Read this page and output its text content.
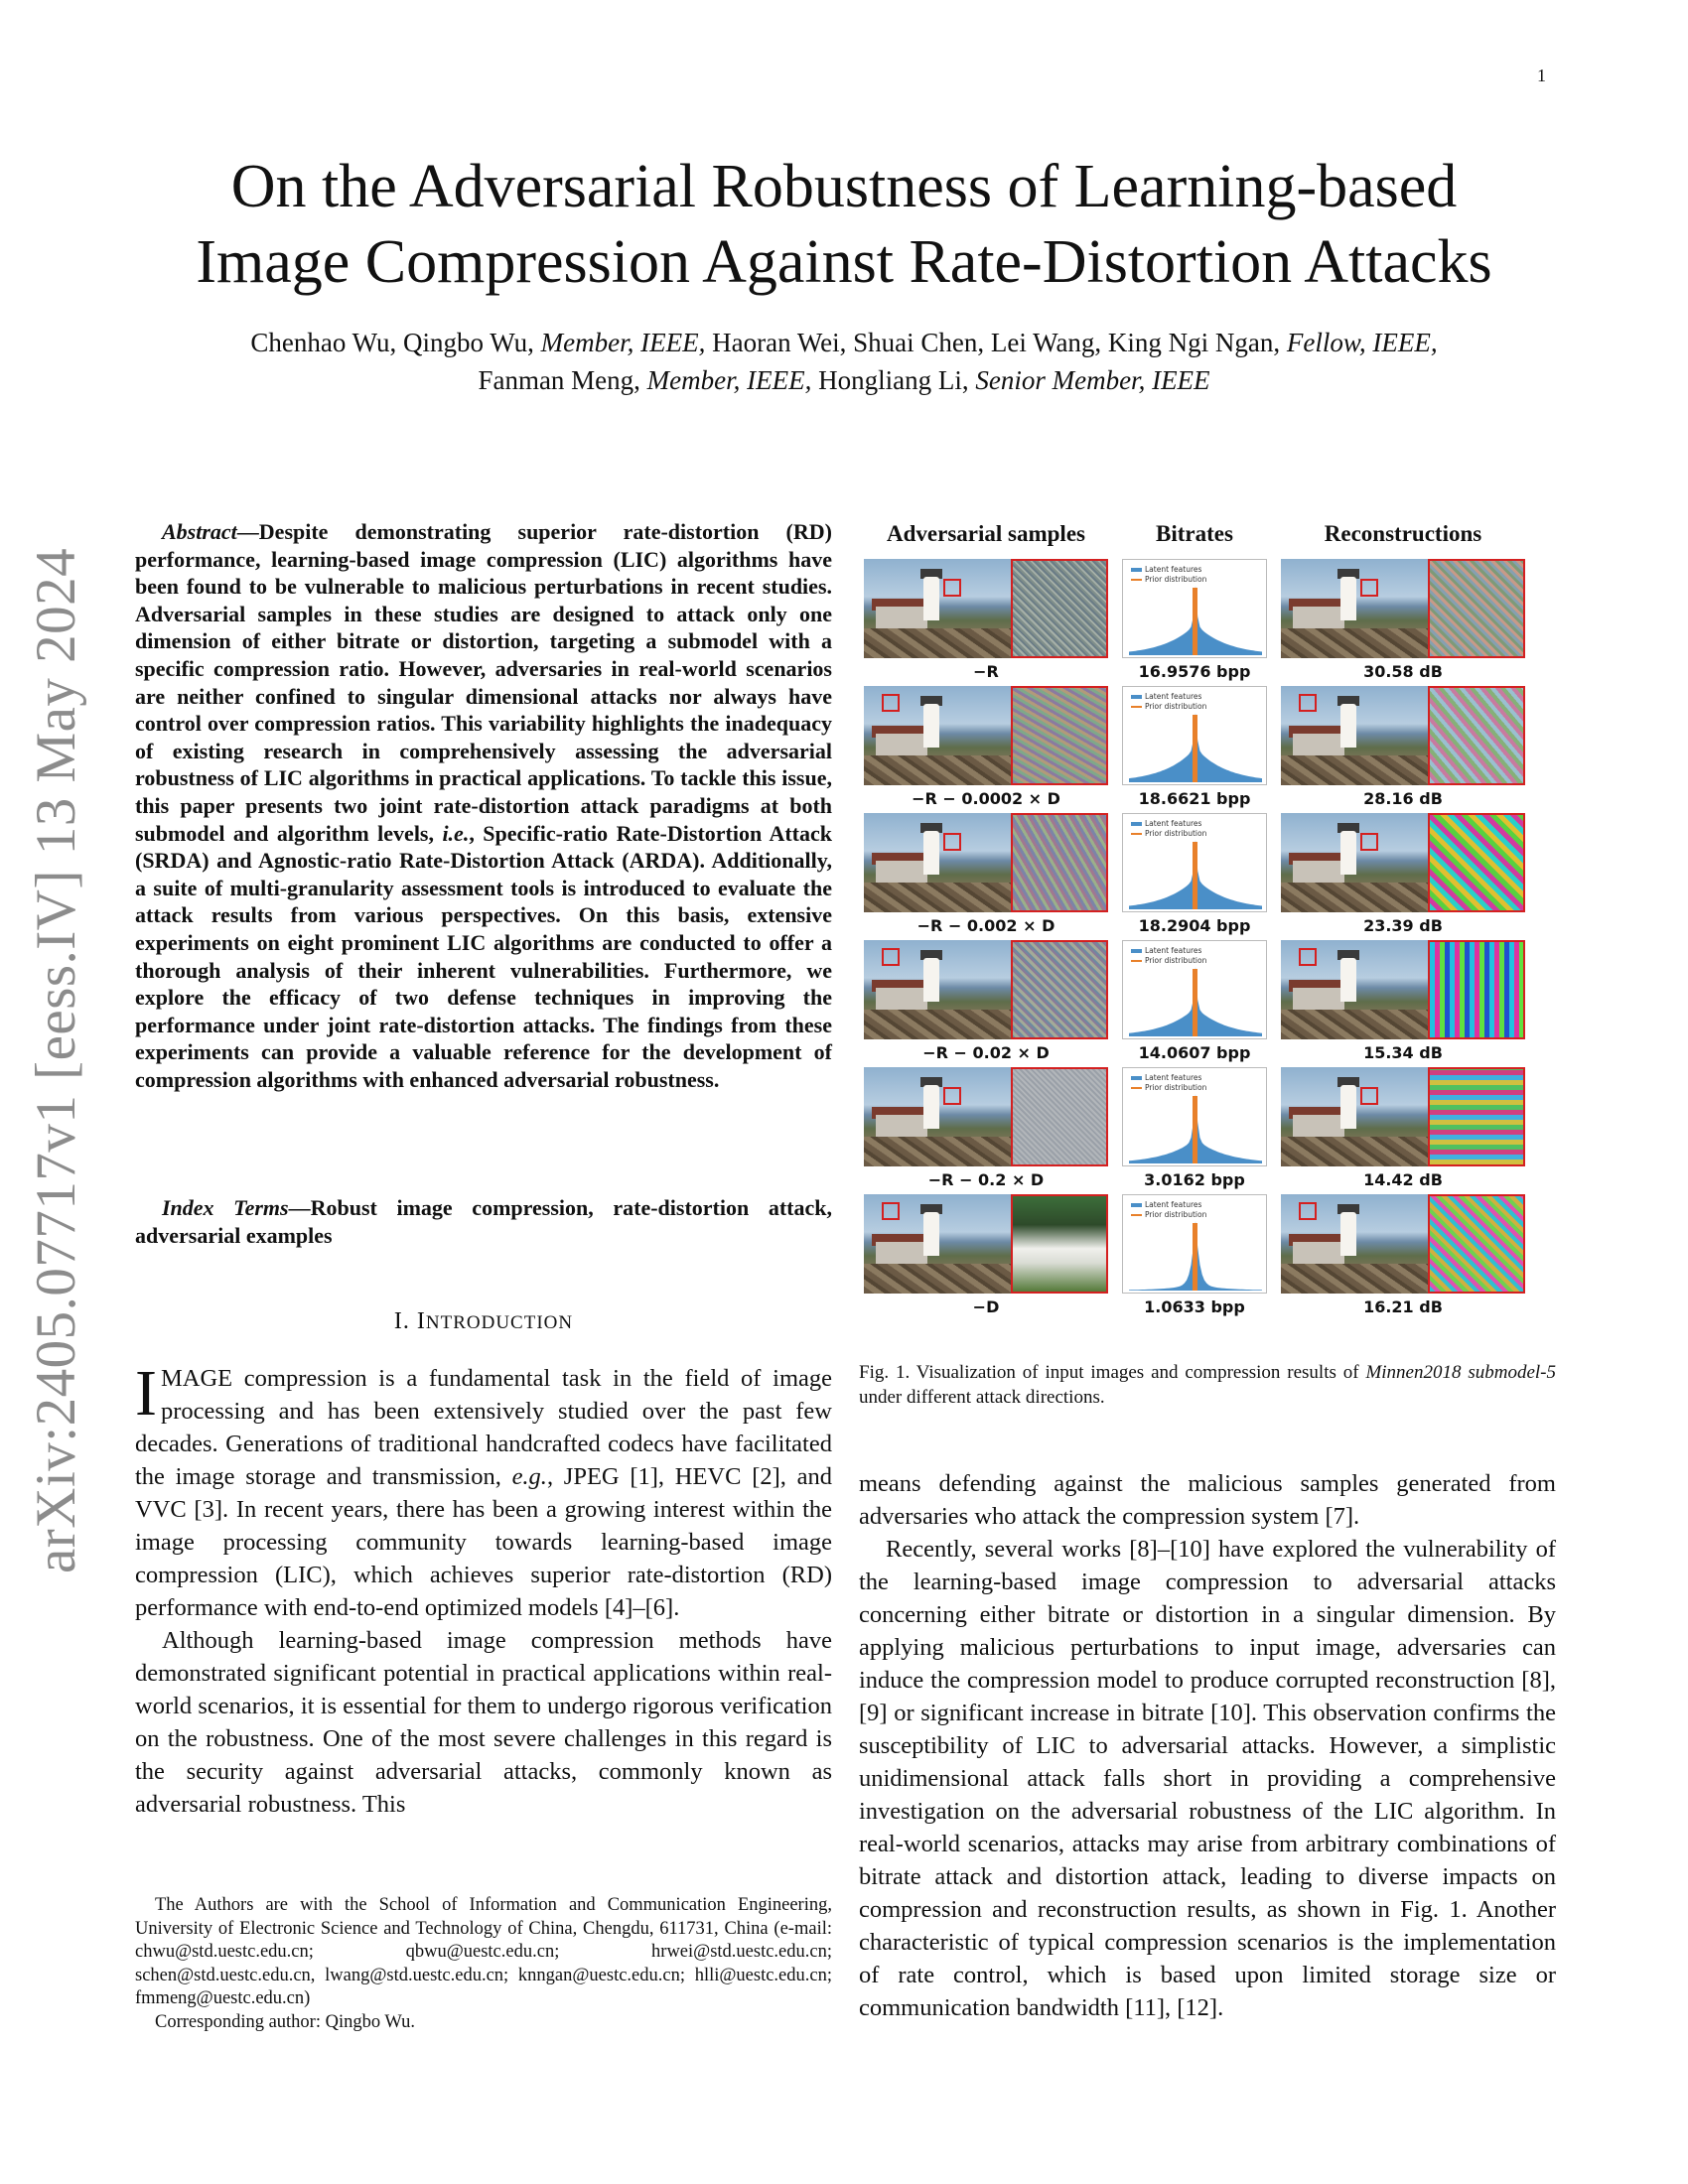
1
arXiv:2405.07717v1 [eess.IV] 13 May 2024
On the Adversarial Robustness of Learning-based
Image Compression Against Rate-Distortion Attacks
Chenhao Wu, Qingbo Wu, Member, IEEE, Haoran Wei, Shuai Chen, Lei Wang, King Ngi Ngan, Fellow, IEEE,
Fanman Meng, Member, IEEE, Hongliang Li, Senior Member, IEEE
Abstract—Despite demonstrating superior rate-distortion (RD) performance, learning-based image compression (LIC) algorithms have been found to be vulnerable to malicious perturbations in recent studies. Adversarial samples in these studies are designed to attack only one dimension of either bitrate or distortion, targeting a submodel with a specific compression ratio. However, adversaries in real-world scenarios are neither confined to singular dimensional attacks nor always have control over compression ratios. This variability highlights the inadequacy of existing research in comprehensively assessing the adversarial robustness of LIC algorithms in practical applications. To tackle this issue, this paper presents two joint rate-distortion attack paradigms at both submodel and algorithm levels, i.e., Specific-ratio Rate-Distortion Attack (SRDA) and Agnostic-ratio Rate-Distortion Attack (ARDA). Additionally, a suite of multi-granularity assessment tools is introduced to evaluate the attack results from various perspectives. On this basis, extensive experiments on eight prominent LIC algorithms are conducted to offer a thorough analysis of their inherent vulnerabilities. Furthermore, we explore the efficacy of two defense techniques in improving the performance under joint rate-distortion attacks. The findings from these experiments can provide a valuable reference for the development of compression algorithms with enhanced adversarial robustness.
Index Terms—Robust image compression, rate-distortion attack, adversarial examples
I. INTRODUCTION

IMAGE compression is a fundamental task in the field of image processing and has been extensively studied over the past few decades. Generations of traditional handcrafted codecs have facilitated the image storage and transmission, e.g., JPEG [1], HEVC [2], and VVC [3]. In recent years, there has been a growing interest within the image processing community towards learning-based image compression (LIC), which achieves superior rate-distortion (RD) performance with end-to-end optimized models [4]–[6].

Although learning-based image compression methods have demonstrated significant potential in practical applications within real-world scenarios, it is essential for them to undergo rigorous verification on the robustness. One of the most severe challenges in this regard is the security against adversarial attacks, commonly known as adversarial robustness. This

The Authors are with the School of Information and Communication Engineering, University of Electronic Science and Technology of China, Chengdu, 611731, China (e-mail: chwu@std.uestc.edu.cn; qbwu@uestc.edu.cn; hrwei@std.uestc.edu.cn; schen@std.uestc.edu.cn, lwang@std.uestc.edu.cn; knngan@uestc.edu.cn; hlli@uestc.edu.cn; fmmeng@uestc.edu.cn)

Corresponding author: Qingbo Wu.

Adversarial samples	Bitrates	Reconstructions
Latent features
Prior distribution
−R	16.9576 bpp	30.58 dB
Latent features
Prior distribution
−R − 0.0002 × D	18.6621 bpp	28.16 dB
Latent features
Prior distribution
−R − 0.002 × D	18.2904 bpp	23.39 dB
Latent features
Prior distribution
−R − 0.02 × D	14.0607 bpp	15.34 dB
Latent features
Prior distribution
−R − 0.2 × D	3.0162 bpp	14.42 dB
Latent features
Prior distribution
−D	1.0633 bpp	16.21 dB
Fig. 1. Visualization of input images and compression results of Minnen2018 submodel-5 under different attack directions.

means defending against the malicious samples generated from adversaries who attack the compression system [7].

Recently, several works [8]–[10] have explored the vulnerability of the learning-based image compression to adversarial attacks concerning either bitrate or distortion in a singular dimension. By applying malicious perturbations to input image, adversaries can induce the compression model to produce corrupted reconstruction [8], [9] or significant increase in bitrate [10]. This observation confirms the susceptibility of LIC to adversarial attacks. However, a simplistic unidimensional attack falls short in providing a comprehensive investigation on the adversarial robustness of the LIC algorithm. In real-world scenarios, attacks may arise from arbitrary combinations of bitrate attack and distortion attack, leading to diverse impacts on compression and reconstruction results, as shown in Fig. 1. Another characteristic of typical compression scenarios is the implementation of rate control, which is based upon limited storage size or communication bandwidth [11], [12].
